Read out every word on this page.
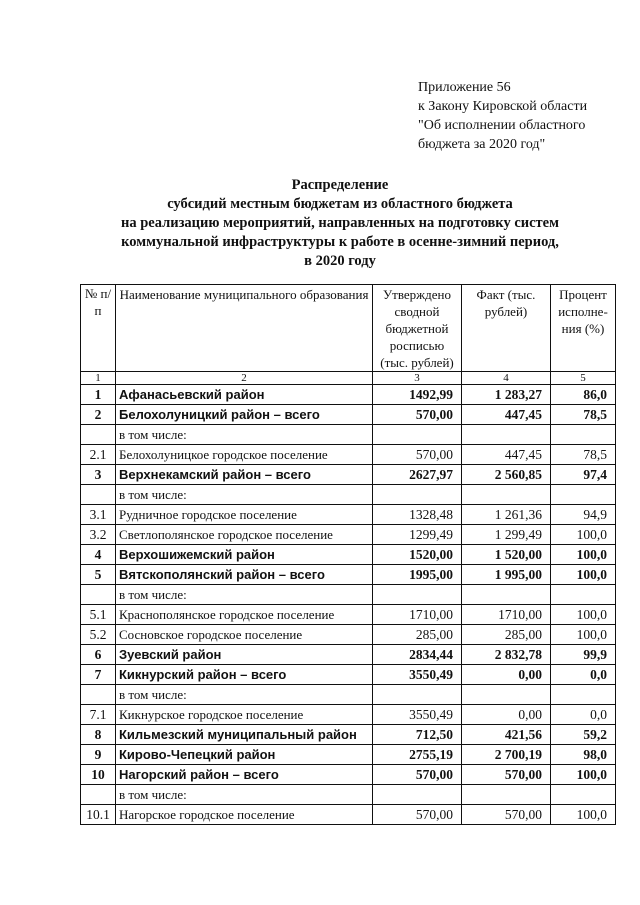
Приложение 56
к Закону Кировской области
"Об исполнении областного
бюджета за 2020 год"
Распределение
субсидий местным бюджетам из областного бюджета
на реализацию мероприятий, направленных на подготовку систем
коммунальной инфраструктуры к работе в осенне-зимний период,
в 2020 году
№ п/п	Наименование муниципального образования	Утверждено сводной бюджетной росписью (тыс. рублей)	Факт (тыс. рублей)	Процент исполне-ния (%)
1	2	3	4	5
1	Афанасьевский район	1492,99	1 283,27	86,0
2	Белохолуницкий район – всего	570,00	447,45	78,5
	в том числе:			
2.1	Белохолуницкое городское поселение	570,00	447,45	78,5
3	Верхнекамский район – всего	2627,97	2 560,85	97,4
	в том числе:			
3.1	Рудничное городское поселение	1328,48	1 261,36	94,9
3.2	Светлополянское городское поселение	1299,49	1 299,49	100,0
4	Верхошижемский район	1520,00	1 520,00	100,0
5	Вятскополянский район – всего	1995,00	1 995,00	100,0
	в том числе:			
5.1	Краснополянское городское поселение	1710,00	1710,00	100,0
5.2	Сосновское городское поселение	285,00	285,00	100,0
6	Зуевский район	2834,44	2 832,78	99,9
7	Кикнурский район – всего	3550,49	0,00	0,0
	в том числе:			
7.1	Кикнурское городское поселение	3550,49	0,00	0,0
8	Кильмезский муниципальный район	712,50	421,56	59,2
9	Кирово-Чепецкий район	2755,19	2 700,19	98,0
10	Нагорский район – всего	570,00	570,00	100,0
	в том числе:			
10.1	Нагорское городское поселение	570,00	570,00	100,0
